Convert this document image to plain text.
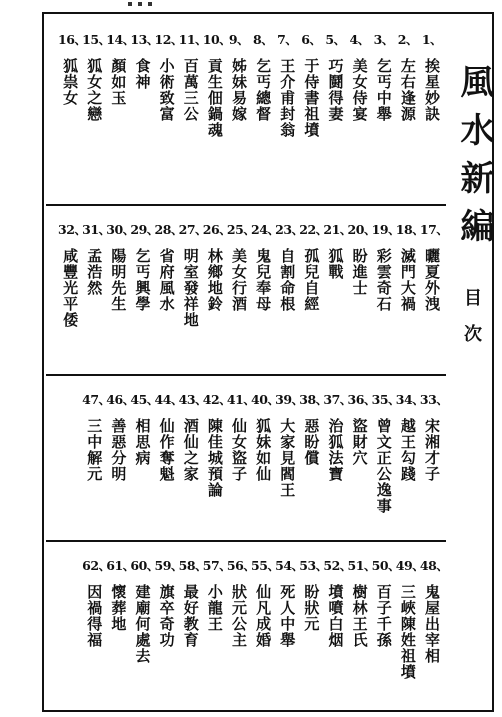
1、
2、
3、
4、
5、
6、
7、
8、
9、
10、
11、
12、
13、
14、
15、
16、
挨星妙訣
左右逢源
乞丐中舉
美女侍宴
巧鬪得妻
于侍書祖墳
王介甫封翁
乞丐總督
姊妹易嫁
貢生佃鍋魂
百萬三公
小術致富
食神
顏如玉
狐女之戀
狐祟女
17、
18、
19、
20、
21、
22、
23、
24、
25、
26、
27、
28、
29、
30、
31、
32、
曬夏外洩
滅門大禍
彩雲奇石
盼進士
狐戰
孤兒自經
自割命根
鬼兒奉母
美女行酒
林鄉地鈴
明室發祥地
省府風水
乞丐興學
陽明先生
孟浩然
咸豐光平倭
33、
34、
35、
36、
37、
38、
39、
40、
41、
42、
43、
44、
45、
46、
47、
宋湘才子
越王勾踐
曾文正公逸事
盜財穴
治狐法寶
惡盼償
大家見閻王
狐妹如仙
仙女盜子
陳佳城預論
酒仙之家
仙作奪魁
相思病
善惡分明
三中解元
48、
49、
50、
51、
52、
53、
54、
55、
56、
57、
58、
59、
60、
61、
62、
鬼屋出宰相
三峽陳姓祖墳
百子千孫
樹林王氏
墳噴白烟
盼狀元
死人中舉
仙凡成婚
狀元公主
小龍王
最好教育
旗卒奇功
建廟何處去
懷葬地
因禍得福
風水新編
目次
